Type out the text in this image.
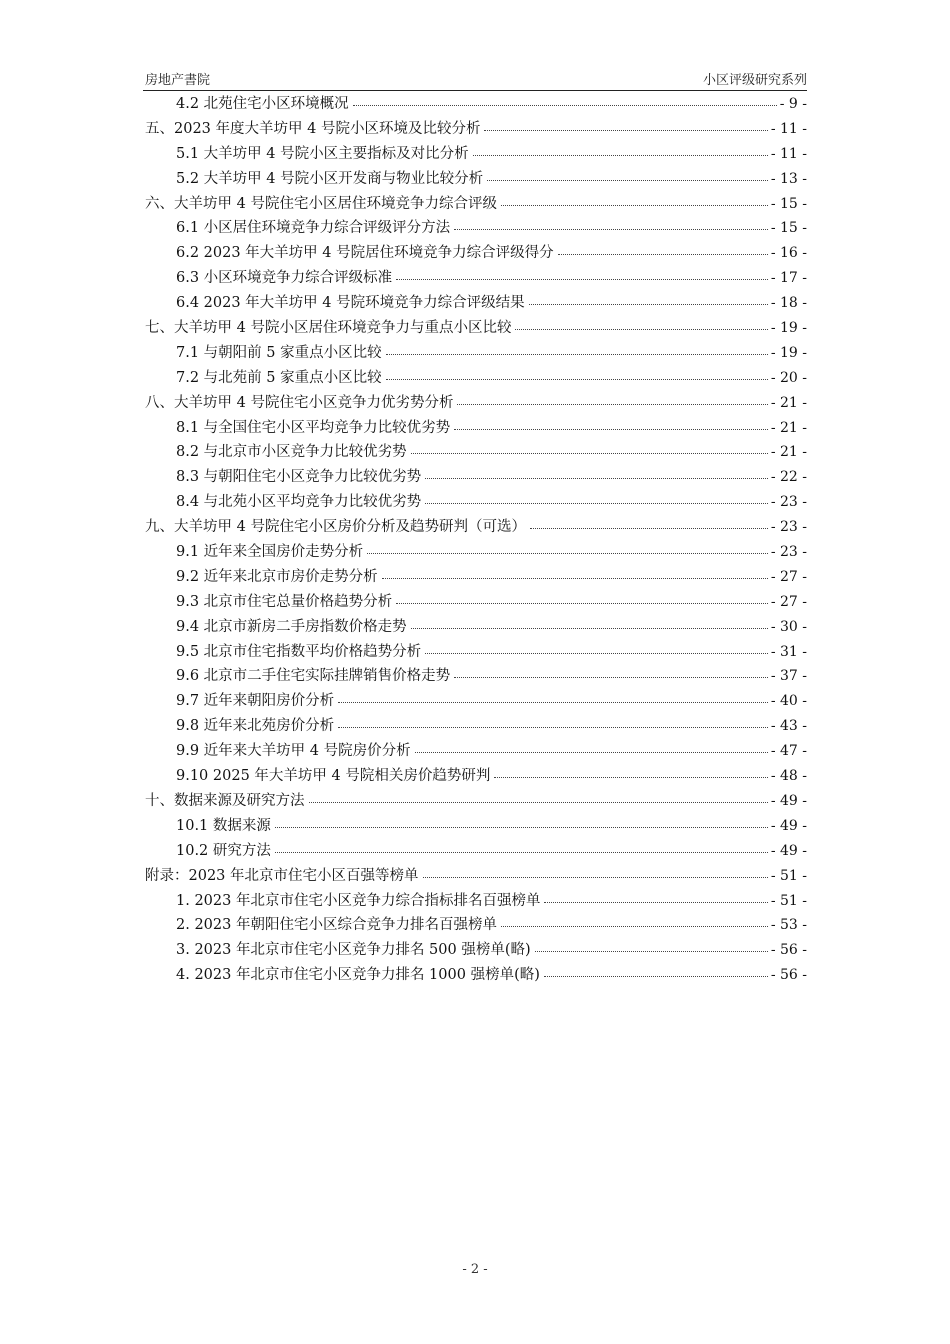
房地产書院	小区评级研究系列
4.2 北苑住宅小区环境概况	- 9 -
五、2023 年度大羊坊甲 4 号院小区环境及比较分析	- 11 -
5.1 大羊坊甲 4 号院小区主要指标及对比分析	- 11 -
5.2 大羊坊甲 4 号院小区开发商与物业比较分析	- 13 -
六、大羊坊甲 4 号院住宅小区居住环境竞争力综合评级	- 15 -
6.1 小区居住环境竞争力综合评级评分方法	- 15 -
6.2 2023 年大羊坊甲 4 号院居住环境竞争力综合评级得分	- 16 -
6.3 小区环境竞争力综合评级标准	- 17 -
6.4 2023 年大羊坊甲 4 号院环境竞争力综合评级结果	- 18 -
七、大羊坊甲 4 号院小区居住环境竞争力与重点小区比较	- 19 -
7.1 与朝阳前 5 家重点小区比较	- 19 -
7.2 与北苑前 5 家重点小区比较	- 20 -
八、大羊坊甲 4 号院住宅小区竞争力优劣势分析	- 21 -
8.1 与全国住宅小区平均竞争力比较优劣势	- 21 -
8.2 与北京市小区竞争力比较优劣势	- 21 -
8.3 与朝阳住宅小区竞争力比较优劣势	- 22 -
8.4 与北苑小区平均竞争力比较优劣势	- 23 -
九、大羊坊甲 4 号院住宅小区房价分析及趋势研判（可选）	- 23 -
9.1 近年来全国房价走势分析	- 23 -
9.2 近年来北京市房价走势分析	- 27 -
9.3 北京市住宅总量价格趋势分析	- 27 -
9.4 北京市新房二手房指数价格走势	- 30 -
9.5 北京市住宅指数平均价格趋势分析	- 31 -
9.6 北京市二手住宅实际挂牌销售价格走势	- 37 -
9.7 近年来朝阳房价分析	- 40 -
9.8 近年来北苑房价分析	- 43 -
9.9 近年来大羊坊甲 4 号院房价分析	- 47 -
9.10 2025 年大羊坊甲 4 号院相关房价趋势研判	- 48 -
十、数据来源及研究方法	- 49 -
10.1 数据来源	- 49 -
10.2 研究方法	- 49 -
附录：2023 年北京市住宅小区百强等榜单	- 51 -
1. 2023 年北京市住宅小区竞争力综合指标排名百强榜单	- 51 -
2. 2023 年朝阳住宅小区综合竞争力排名百强榜单	- 53 -
3. 2023 年北京市住宅小区竞争力排名 500 强榜单(略)	- 56 -
4. 2023 年北京市住宅小区竞争力排名 1000 强榜单(略)	- 56 -
- 2 -
